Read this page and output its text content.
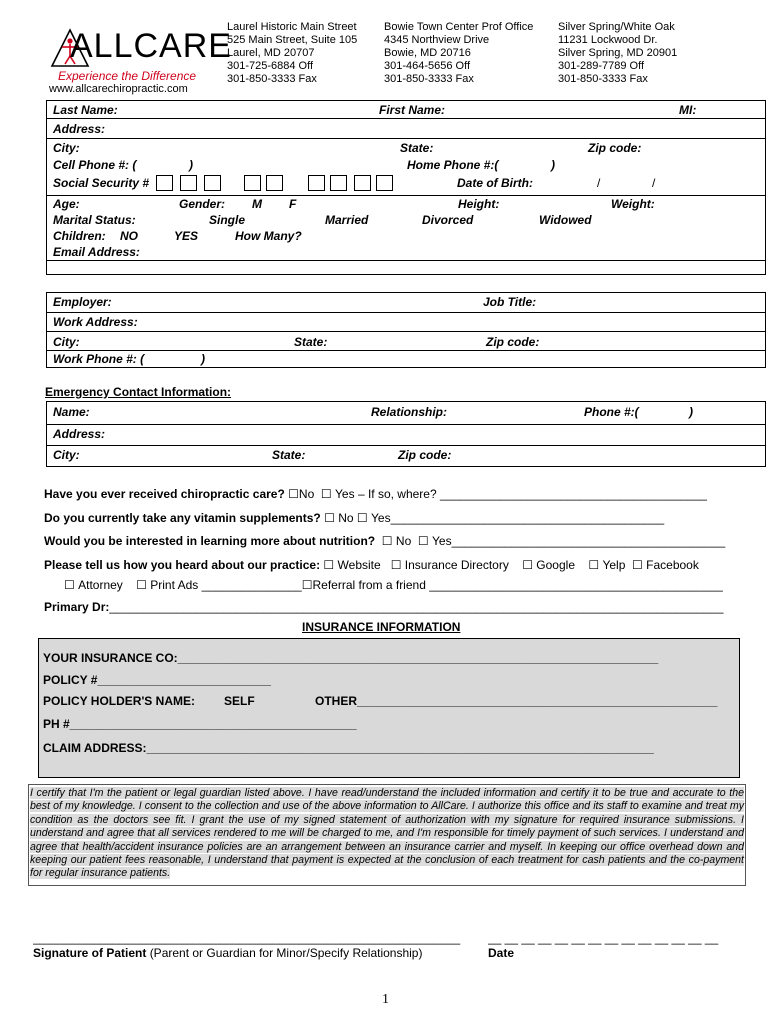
ALLCARE
Experience the Difference
www.allcarechiropractic.com
Laurel Historic Main Street
525 Main Street, Suite 105
Laurel, MD 20707
301-725-6884 Off
301-850-3333 Fax
Bowie Town Center Prof Office
4345 Northview Drive
Bowie, MD 20716
301-464-5656 Off
301-850-3333 Fax
Silver Spring/White Oak
11231 Lockwood Dr.
Silver Spring, MD 20901
301-289-7789 Off
301-850-3333 Fax
Last Name:	First Name:	MI:
Address:
City:	State:	Zip code:
Cell Phone #: (	)	Home Phone #:(	)
Social Security #	Date of Birth:	/	/
Age:	Gender: M F	Height:	Weight:
Marital Status:	Single	Married	Divorced	Widowed
Children: NO	YES	How Many?
Email Address:
Employer:	Job Title:
Work Address:
City:	State:	Zip code:
Work Phone #: (	)
Emergency Contact Information:
Name:	Relationship:	Phone #:(	)
Address:
City:	State:	Zip code:
Have you ever received chiropractic care? ☐No ☐ Yes – If so, where? ________________________________________
Do you currently take any vitamin supplements? ☐ No ☐ Yes_________________________________________
Would you be interested in learning more about nutrition? ☐ No ☐ Yes_________________________________________
Please tell us how you heard about our practice: ☐ Website ☐ Insurance Directory ☐ Google ☐ Yelp ☐ Facebook
☐ Attorney ☐ Print Ads _______________☐Referral from a friend ____________________________________________
Primary Dr:____________________________________________________________________________________________
INSURANCE INFORMATION
YOUR INSURANCE CO:________________________________________________________________________
POLICY #__________________________
POLICY HOLDER'S NAME: SELF	OTHER______________________________________________________
PH #___________________________________________
CLAIM ADDRESS:____________________________________________________________________________
I certify that I'm the patient or legal guardian listed above. I have read/understand the included information and certify it to be true and accurate to the best of my knowledge. I consent to the collection and use of the above information to AllCare. I authorize this office and its staff to examine and treat my condition as the doctors see fit. I grant the use of my signed statement of authorization with my signature for required insurance submissions. I understand and agree that all services rendered to me will be charged to me, and I'm responsible for timely payment of such services. I understand and agree that health/accident insurance policies are an arrangement between an insurance carrier and myself. In keeping our office overhead down and keeping our patient fees reasonable, I understand that payment is expected at the conclusion of each treatment for cash patients and the co-payment for regular insurance patients.
________________________________________________________________	__ __ __ __ __ __ __ __ __ __ __ __ __ __
Signature of Patient (Parent or Guardian for Minor/Specify Relationship)	Date
1
